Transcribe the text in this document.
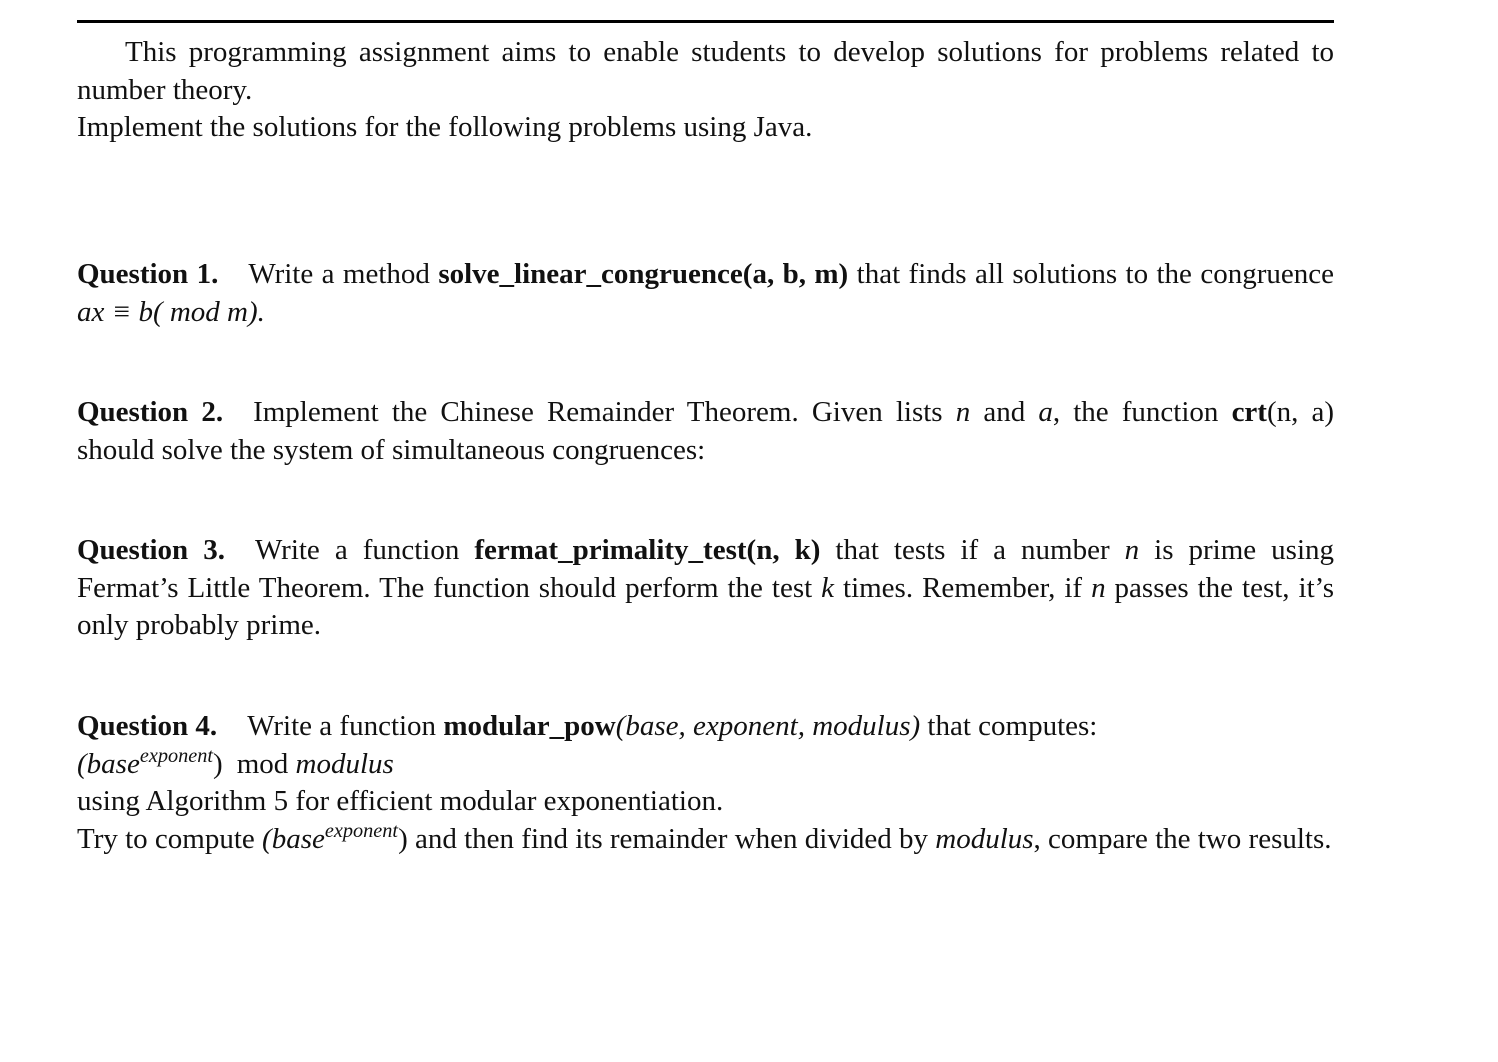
This programming assignment aims to enable students to develop solutions for problems related to number theory.

Implement the solutions for the following problems using Java.

Question 1. Write a method solve_linear_congruence(a, b, m) that finds all solutions to the congruence ax ≡ b( mod m).
Question 2. Implement the Chinese Remainder Theorem. Given lists n and a, the function crt(n, a) should solve the system of simultaneous congruences:
Question 3. Write a function fermat_primality_test(n, k) that tests if a number n is prime using Fermat’s Little Theorem. The function should perform the test k times. Remember, if n passes the test, it’s only probably prime.
Question 4. Write a function modular_pow(base, exponent, modulus) that computes:
(base$^{exponent}$) mod modulus
using Algorithm 5 for efficient modular exponentiation.
Try to compute (base$^{exponent}$) and then find its remainder when divided by modulus, compare the two results.
